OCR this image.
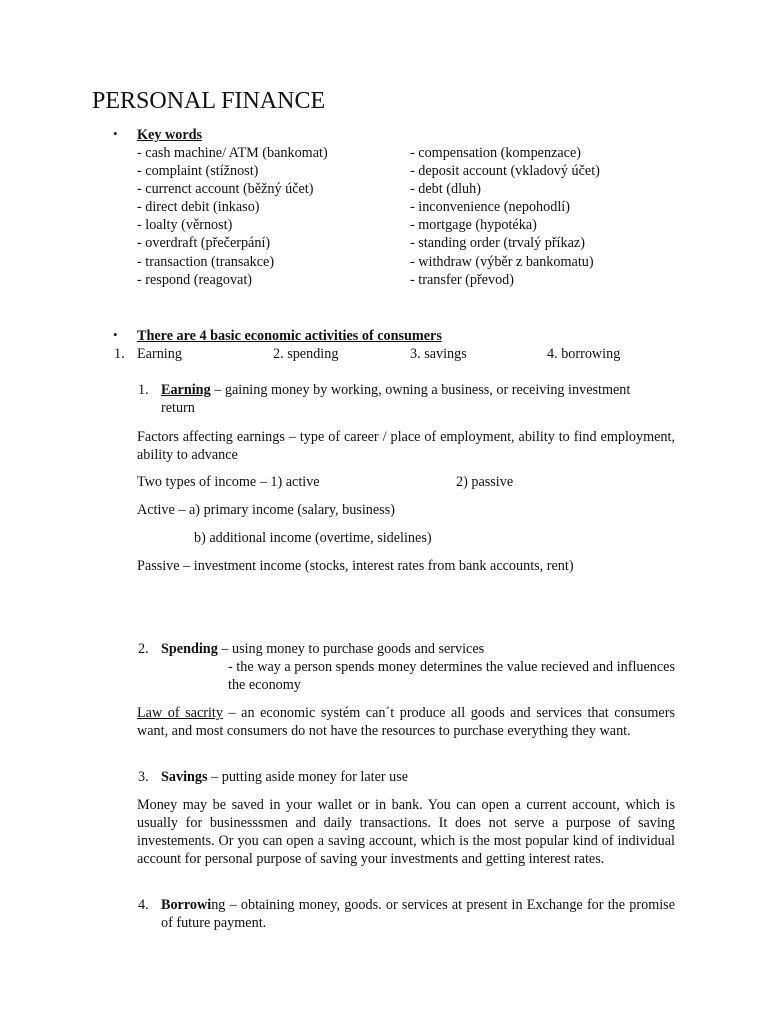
PERSONAL FINANCE
• Key words
- cash machine/ ATM (bankomat)
- complaint (stížnost)
- currenct account (běžný účet)
- direct debit (inkaso)
- loalty (věrnost)
- overdraft (přečerpání)
- transaction (transakce)
- respond (reagovat)
- compensation (kompenzace)
- deposit account (vkladový účet)
- debt (dluh)
- inconvenience (nepohodlí)
- mortgage (hypotéka)
- standing order (trvalý příkaz)
- withdraw (výběr z bankomatu)
- transfer (převod)
• There are 4 basic economic activities of consumers
1. Earning	2. spending	3. savings	4. borrowing
1. Earning – gaining money by working, owning a business, or receiving investment
return
Factors affecting earnings – type of career / place of employment, ability to find employment, ability to advance
Two types of income – 1) active	2) passive
Active – a) primary income (salary, business)
b) additional income (overtime, sidelines)
Passive – investment income (stocks, interest rates from bank accounts, rent)
2. Spending – using money to purchase goods and services
- the way a person spends money determines the value recieved and influences the economy
Law of sacrity – an economic systém can´t produce all goods and services that consumers want, and most consumers do not have the resources to purchase everything they want.
3. Savings – putting aside money for later use
Money may be saved in your wallet or in bank. You can open a current account, which is usually for businesssmen and daily transactions. It does not serve a purpose of saving investements. Or you can open a saving account, which is the most popular kind of individual account for personal purpose of saving your investments and getting interest rates.
4. Borrowing – obtaining money, goods. or services at present in Exchange for the promise of future payment.
